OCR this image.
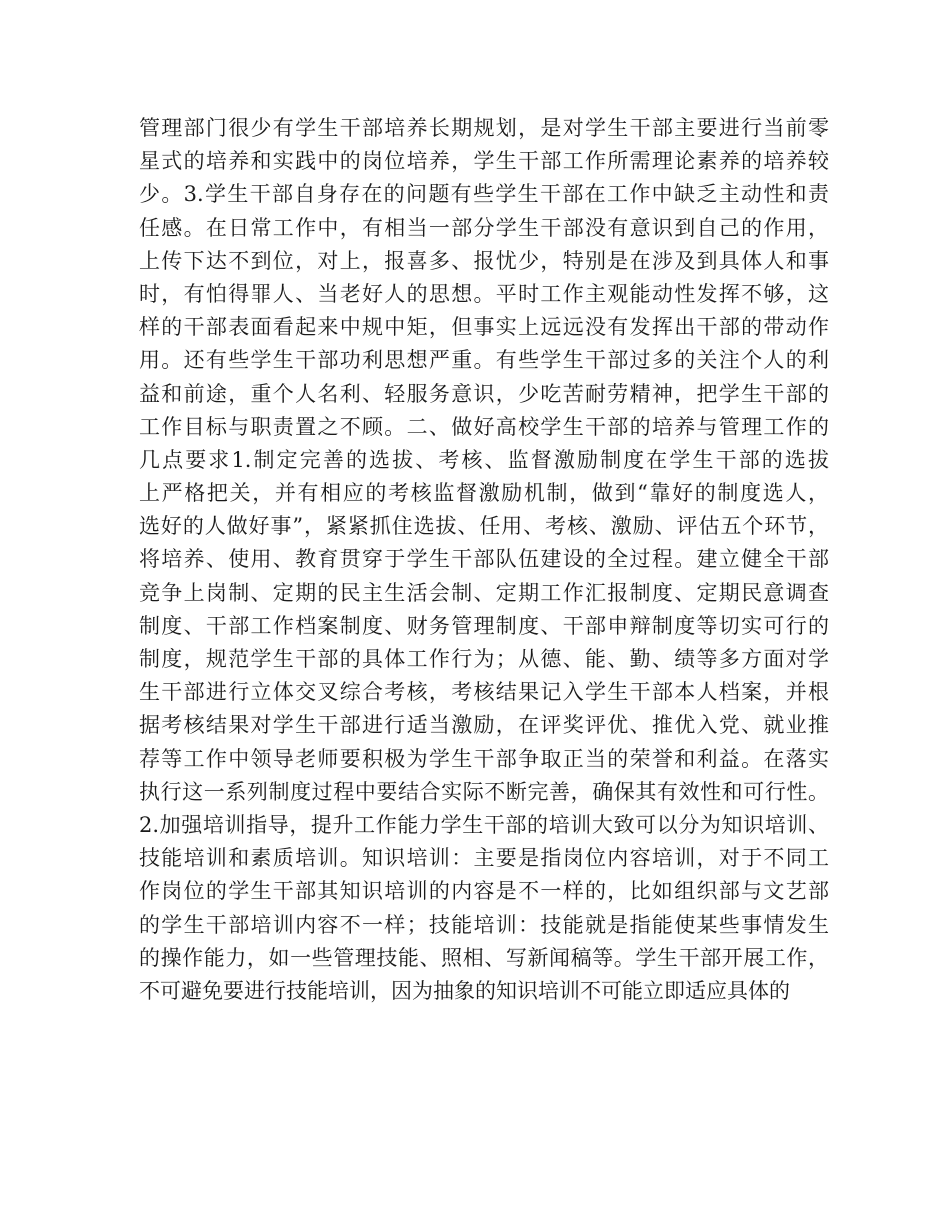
管理部门很少有学生干部培养长期规划，是对学生干部主要进行当前零
星式的培养和实践中的岗位培养，学生干部工作所需理论素养的培养较
少。3.学生干部自身存在的问题有些学生干部在工作中缺乏主动性和责
任感。在日常工作中，有相当一部分学生干部没有意识到自己的作用，
上传下达不到位，对上，报喜多、报忧少，特别是在涉及到具体人和事
时，有怕得罪人、当老好人的思想。平时工作主观能动性发挥不够，这
样的干部表面看起来中规中矩，但事实上远远没有发挥出干部的带动作
用。还有些学生干部功利思想严重。有些学生干部过多的关注个人的利
益和前途，重个人名利、轻服务意识，少吃苦耐劳精神，把学生干部的
工作目标与职责置之不顾。二、做好高校学生干部的培养与管理工作的
几点要求1.制定完善的选拔、考核、监督激励制度在学生干部的选拔
上严格把关，并有相应的考核监督激励机制，做到“靠好的制度选人，
选好的人做好事”，紧紧抓住选拔、任用、考核、激励、评估五个环节，
将培养、使用、教育贯穿于学生干部队伍建设的全过程。建立健全干部
竞争上岗制、定期的民主生活会制、定期工作汇报制度、定期民意调查
制度、干部工作档案制度、财务管理制度、干部申辩制度等切实可行的
制度，规范学生干部的具体工作行为；从德、能、勤、绩等多方面对学
生干部进行立体交叉综合考核，考核结果记入学生干部本人档案，并根
据考核结果对学生干部进行适当激励，在评奖评优、推优入党、就业推
荐等工作中领导老师要积极为学生干部争取正当的荣誉和利益。在落实
执行这一系列制度过程中要结合实际不断完善，确保其有效性和可行性。
2.加强培训指导，提升工作能力学生干部的培训大致可以分为知识培训、
技能培训和素质培训。知识培训：主要是指岗位内容培训，对于不同工
作岗位的学生干部其知识培训的内容是不一样的，比如组织部与文艺部
的学生干部培训内容不一样；技能培训：技能就是指能使某些事情发生
的操作能力，如一些管理技能、照相、写新闻稿等。学生干部开展工作，
不可避免要进行技能培训，因为抽象的知识培训不可能立即适应具体的
